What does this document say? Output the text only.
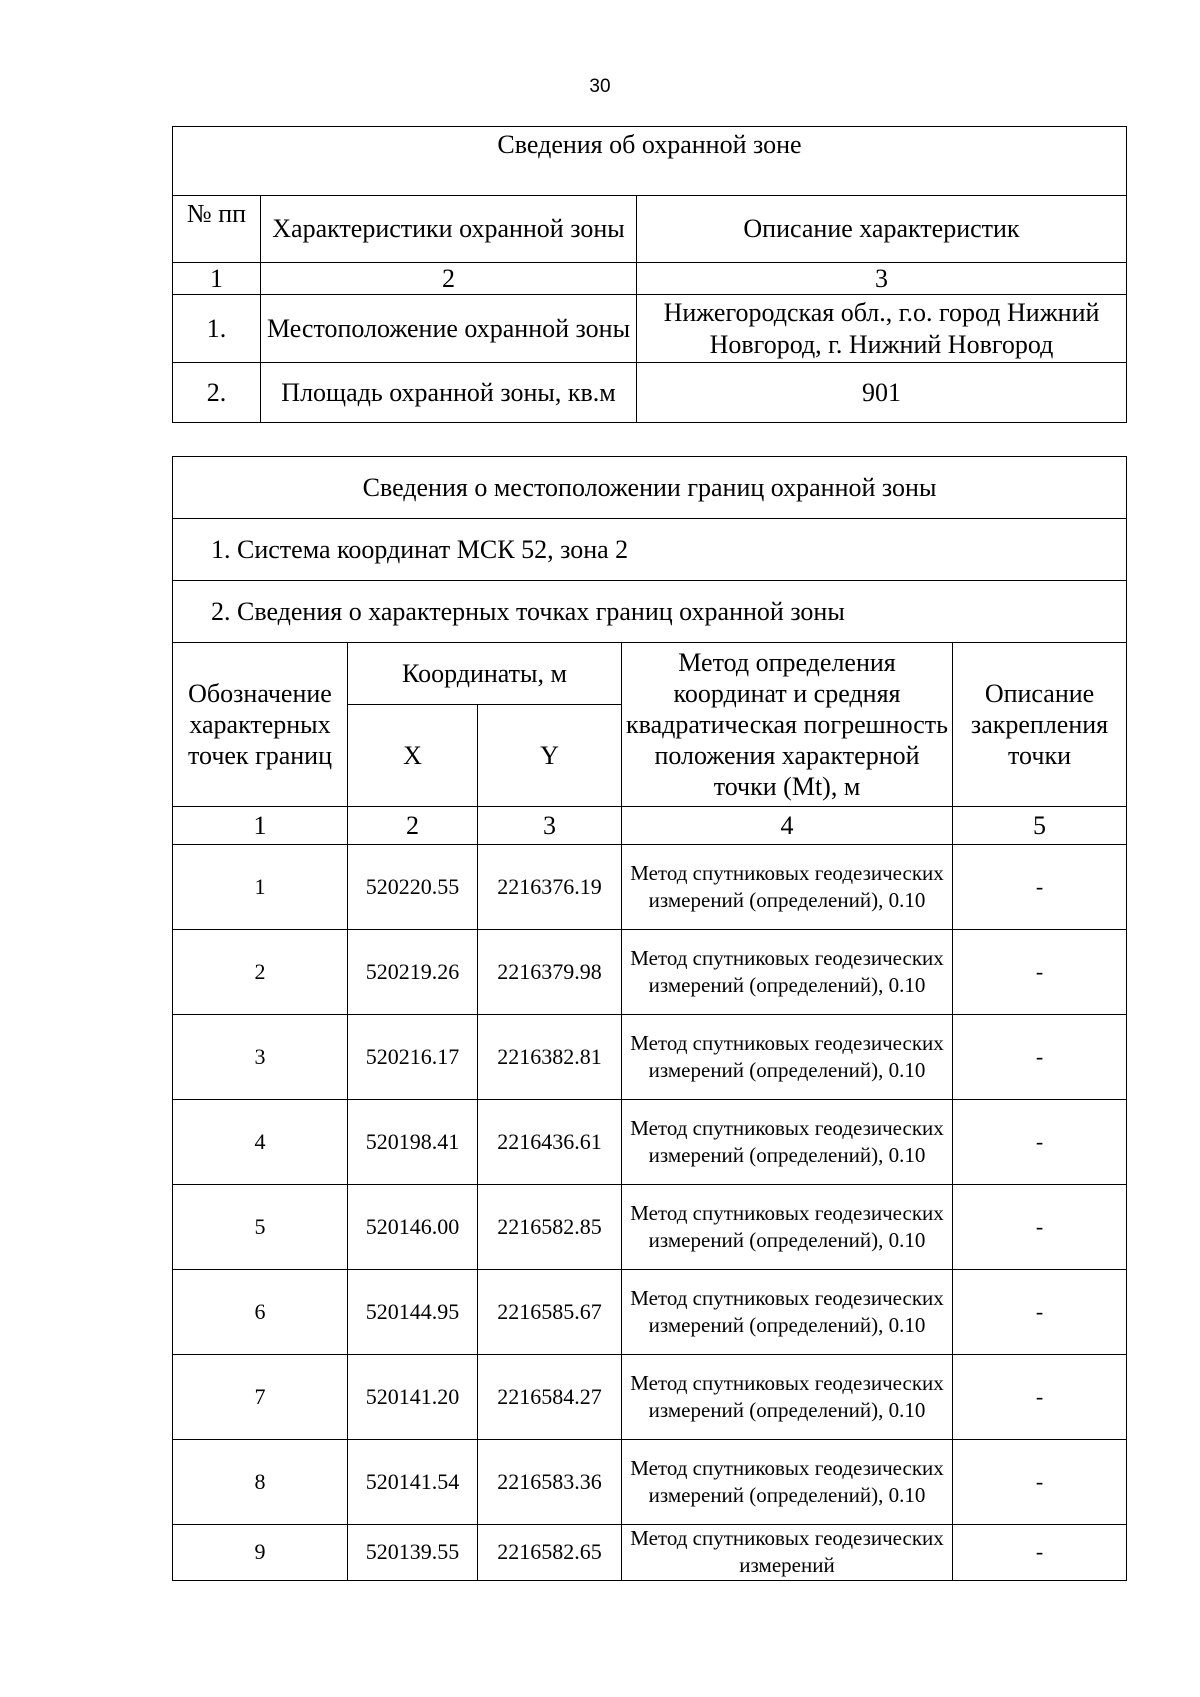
30
Сведения об охранной зоне		
№ пп	Характеристики охранной зоны	Описание характеристик
1	2	3
1.	Местоположение охранной зоны	Нижегородская обл., г.о. город Нижний Новгород, г. Нижний Новгород
2.	Площадь охранной зоны, кв.м	901
Сведения о местоположении границ охранной зоны				
1. Система координат МСК 52, зона 2				
2. Сведения о характерных точках границ охранной зоны				
Обозначение характерных точек границ	Координаты, м		Метод определения координат и средняя квадратическая погрешность положения характерной точки (Mt), м	Описание закрепления точки
	X	Y		
1	2	3	4	5
1	520220.55	2216376.19	Метод спутниковых геодезических измерений (определений), 0.10	-
2	520219.26	2216379.98	Метод спутниковых геодезических измерений (определений), 0.10	-
3	520216.17	2216382.81	Метод спутниковых геодезических измерений (определений), 0.10	-
4	520198.41	2216436.61	Метод спутниковых геодезических измерений (определений), 0.10	-
5	520146.00	2216582.85	Метод спутниковых геодезических измерений (определений), 0.10	-
6	520144.95	2216585.67	Метод спутниковых геодезических измерений (определений), 0.10	-
7	520141.20	2216584.27	Метод спутниковых геодезических измерений (определений), 0.10	-
8	520141.54	2216583.36	Метод спутниковых геодезических измерений (определений), 0.10	-
9	520139.55	2216582.65	Метод спутниковых геодезических измерений	-
